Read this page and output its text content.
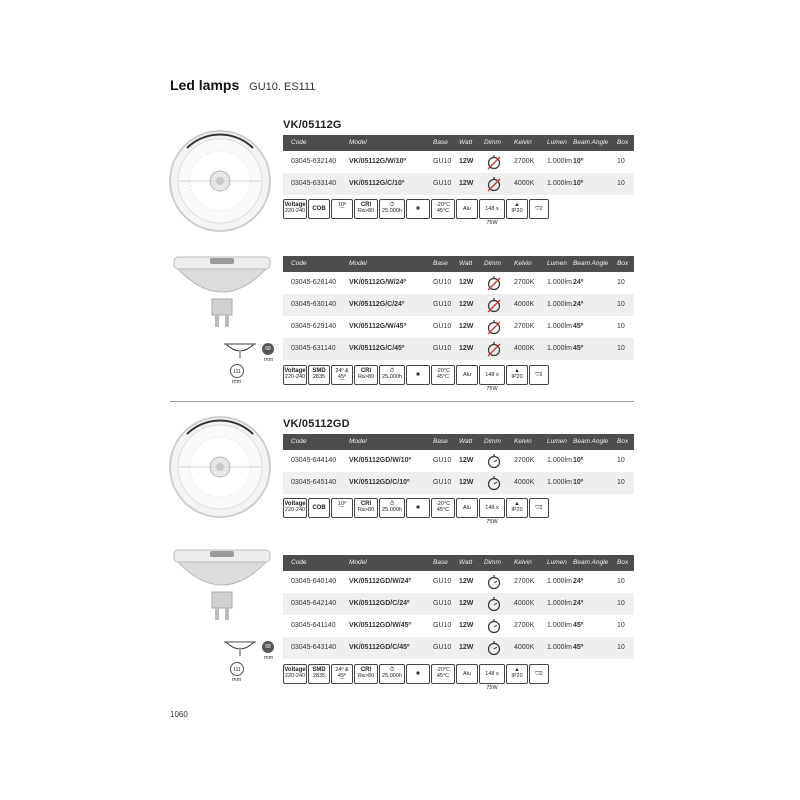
Led lamps GU10. ES111
VK/05112G
Code	Model	Base Watt Dimm Kelvin Lumen Beam Angle Box
03045-632140 VK/05112G/W/10º	GU10 12W	2700K 1.000lm 10º	10
03045-633140 VK/05112G/C/10º	GU10 12W	4000K 1.000lm 10º	10
Voltage
220-240	COB
10º
⌒
CRI
Ra>80
⏱ 25.000h	✺
-20°C 45°C	Alu	148 x 75W
▲
IP20	⛉2
Code	Model	Base Watt Dimm Kelvin Lumen Beam Angle Box
03045-628140 VK/05112G/W/24º	GU10 12W	2700K 1.000lm 24º	10
03045-630140 VK/05112G/C/24º	GU10 12W	4000K 1.000lm 24º	10
03045-629140 VK/05112G/W/45º	GU10 12W	2700K 1.000lm 45º	10
03045-631140 VK/05112G/C/45º	GU10 12W	4000K 1.000lm 45º	10
68
mm
111
mm
Voltage
220-240
SMD
2835
24º & 45º
⌒
CRI
Ra>80
⏱ 25.000h	✺
-20°C 45°C	Alu	148 x 75W
▲
IP20	⛉2
VK/05112GD
Code	Model	Base Watt Dimm Kelvin Lumen Beam Angle Box
03045-644140 VK/05112GD/W/10º	GU10 12W	2700K 1.000lm 10º	10
03045-645140 VK/05112GD/C/10º	GU10 12W	4000K 1.000lm 10º	10
Voltage
220-240	COB
10º
⌒
CRI
Ra>80
⏱ 25.000h	✺
-20°C 45°C	Alu	148 x 75W
▲
IP20	⛉2
Code	Model	Base Watt Dimm Kelvin Lumen Beam Angle Box
03045-640140 VK/05112GD/W/24º	GU10 12W	2700K 1.000lm 24º	10
03045-642140 VK/05112GD/C/24º	GU10 12W	4000K 1.000lm 24º	10
03045-641140 VK/05112GD/W/45º	GU10 12W	2700K 1.000lm 45º	10
03045-643140 VK/05112GD/C/45º	GU10 12W	4000K 1.000lm 45º	10
68
mm
111
mm
Voltage
220-240
SMD
2835
24º & 45º
⌒
CRI
Ra>80
⏱ 25.000h	✺
-20°C 45°C	Alu	148 x 75W
▲
IP20	⛉2
1060
